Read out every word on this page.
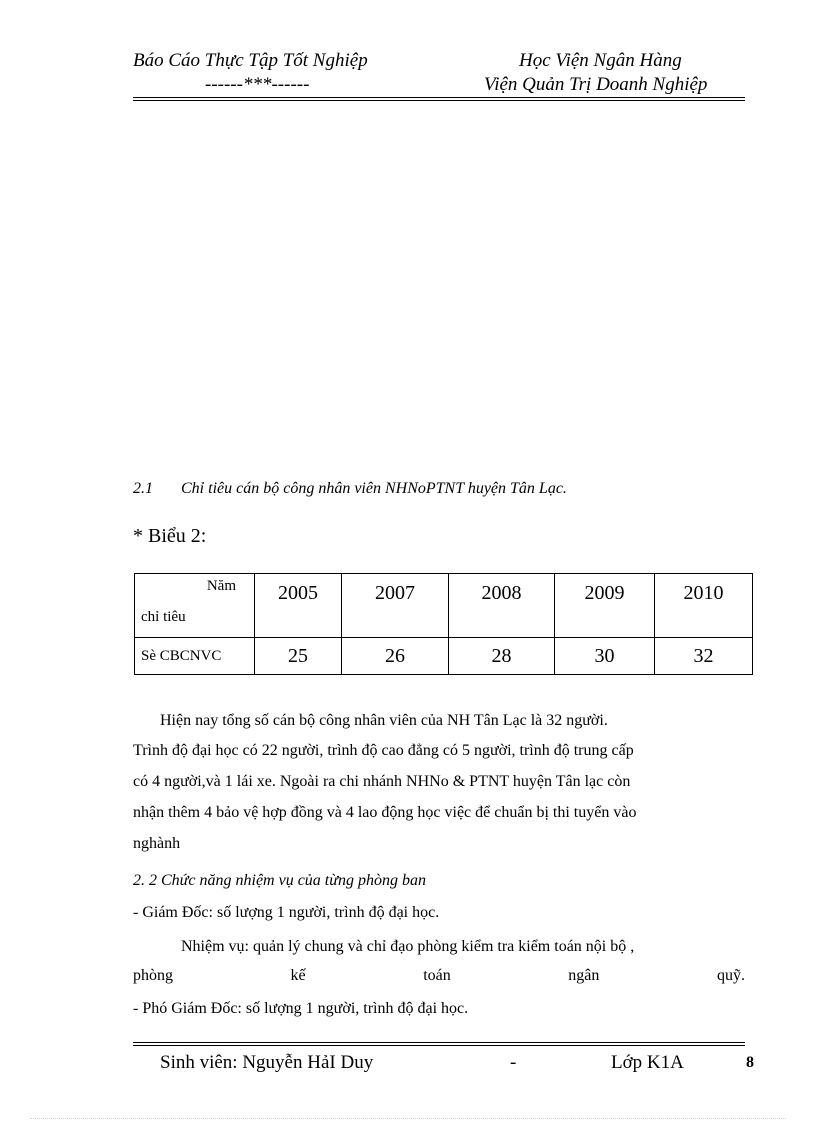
Báo Cáo Thực Tập Tốt Nghiệp
------***------
Học Viện Ngân Hàng
Viện Quản Trị Doanh Nghiệp
2.1 Chỉ tiêu cán bộ công nhân viên NHNoPTNT huyện Tân Lạc.
* Biểu 2:
Năm
chỉ tiêu	2005	2007	2008	2009	2010
Sè CBCNVC	25	26	28	30	32
Hiện nay tổng số cán bộ công nhân viên của NH Tân Lạc là 32 người.
Trình độ đại học có 22 người, trình độ cao đẳng có 5 người, trình độ trung cấp
có 4 người,và 1 lái xe. Ngoài ra chi nhánh NHNo & PTNT huyện Tân lạc còn
nhận thêm 4 bảo vệ hợp đồng và 4 lao động học việc để chuẩn bị thi tuyển vào
nghành
2. 2 Chức năng nhiệm vụ của từng phòng ban
- Giám Đốc: số lượng 1 người, trình độ đại học.
Nhiệm vụ: quản lý chung và chỉ đạo phòng kiểm tra kiểm toán nội bộ ,
phòng	kế	toán	ngân	quỹ.
- Phó Giám Đốc: số lượng 1 người, trình độ đại học.
Sinh viên: Nguyễn HảI Duy	-	Lớp K1A	8
